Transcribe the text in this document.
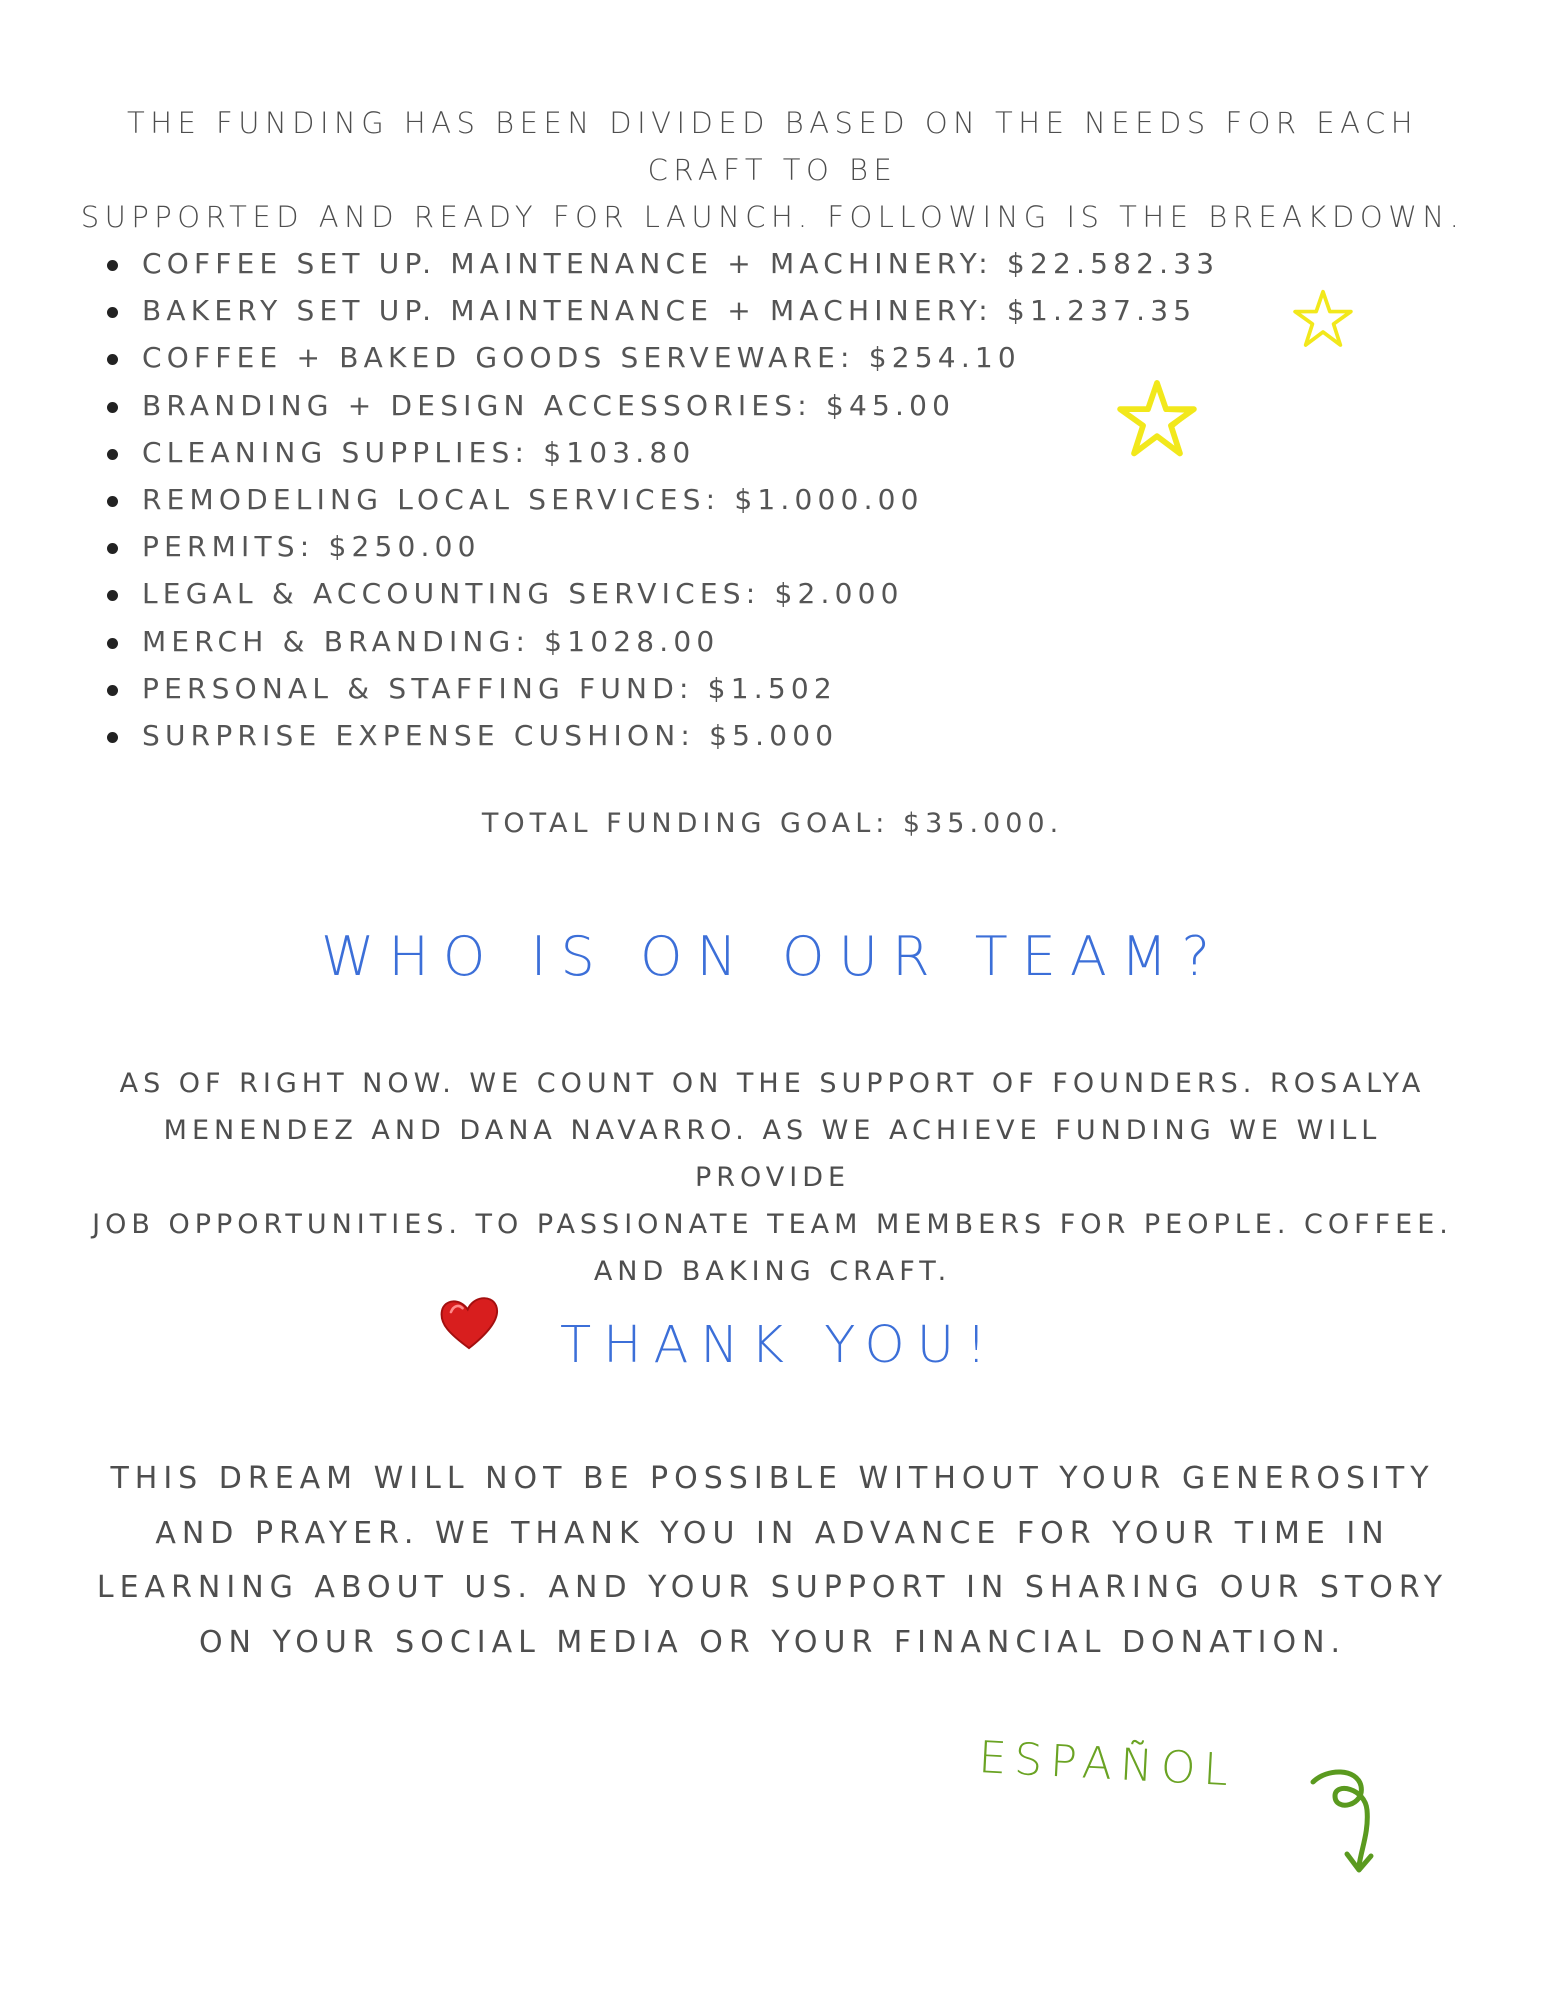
THE FUNDING HAS BEEN DIVIDED BASED ON THE NEEDS FOR EACH CRAFT TO BE
SUPPORTED AND READY FOR LAUNCH. FOLLOWING IS THE BREAKDOWN.
COFFEE SET UP. MAINTENANCE + MACHINERY: $22.582.33
BAKERY SET UP. MAINTENANCE + MACHINERY: $1.237.35
COFFEE + BAKED GOODS SERVEWARE: $254.10
BRANDING + DESIGN ACCESSORIES: $45.00
CLEANING SUPPLIES: $103.80
REMODELING LOCAL SERVICES: $1.000.00
PERMITS: $250.00
LEGAL & ACCOUNTING SERVICES: $2.000
MERCH & BRANDING: $1028.00
PERSONAL & STAFFING FUND: $1.502
SURPRISE EXPENSE CUSHION: $5.000
TOTAL FUNDING GOAL: $35.000.
WHO IS ON OUR TEAM?
AS OF RIGHT NOW. WE COUNT ON THE SUPPORT OF FOUNDERS. ROSALYA
MENENDEZ AND DANA NAVARRO. AS WE ACHIEVE FUNDING WE WILL PROVIDE
JOB OPPORTUNITIES. TO PASSIONATE TEAM MEMBERS FOR PEOPLE. COFFEE.
AND BAKING CRAFT.
THANK YOU!
THIS DREAM WILL NOT BE POSSIBLE WITHOUT YOUR GENEROSITY
AND PRAYER. WE THANK YOU IN ADVANCE FOR YOUR TIME IN
LEARNING ABOUT US. AND YOUR SUPPORT IN SHARING OUR STORY
ON YOUR SOCIAL MEDIA OR YOUR FINANCIAL DONATION.
ESPAÑOL
